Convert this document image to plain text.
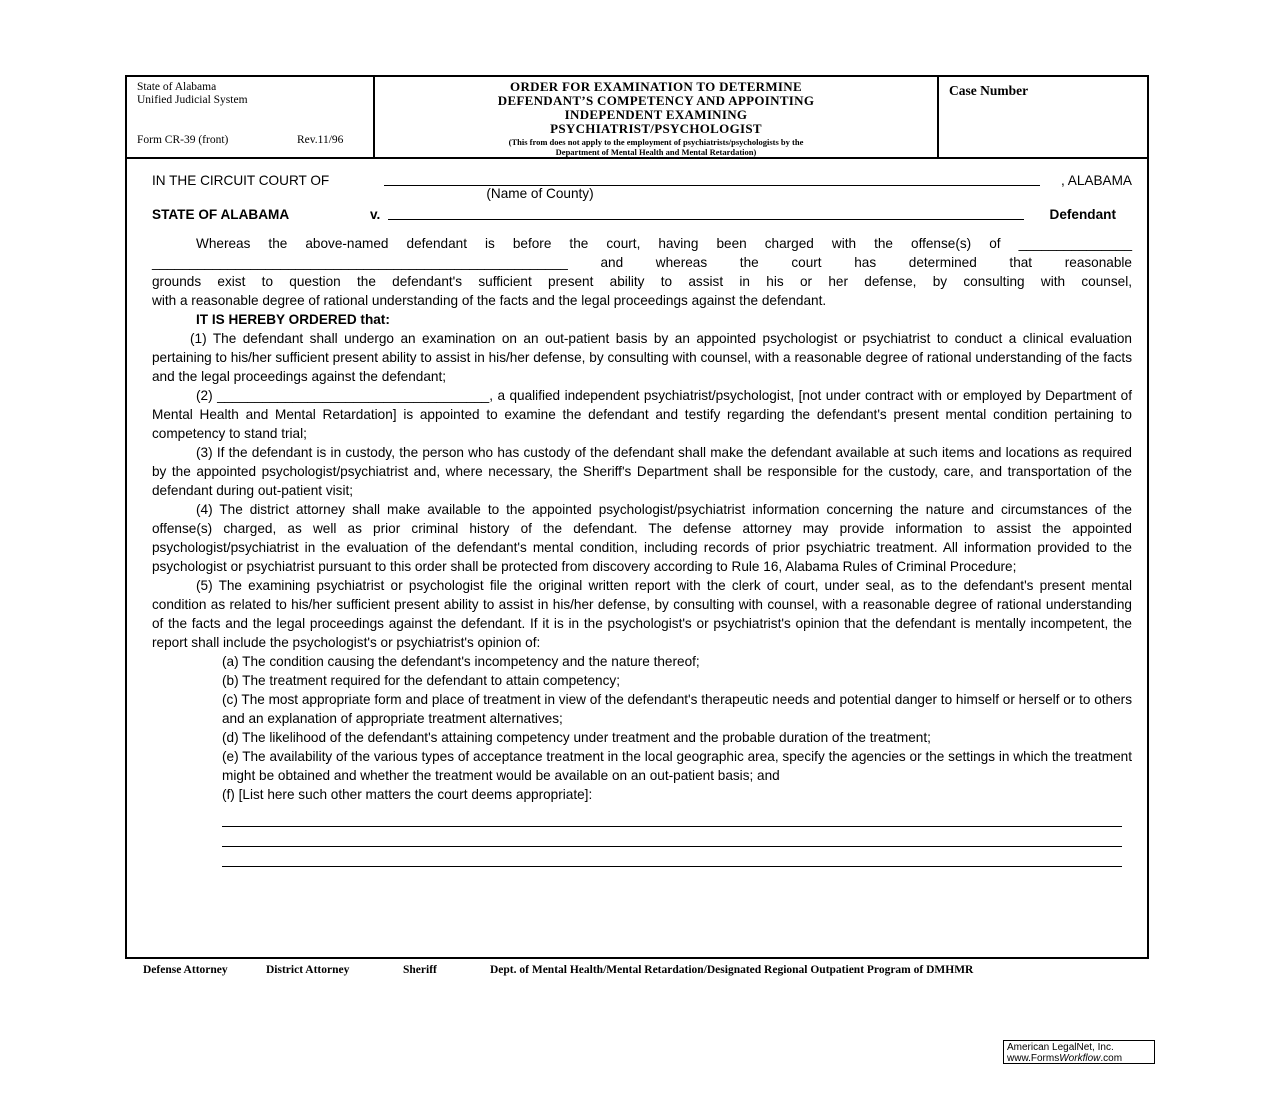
State of Alabama
Unified Judicial System
Form CR-39 (front)	Rev.11/96
ORDER FOR EXAMINATION TO DETERMINE
DEFENDANT’S COMPETENCY AND APPOINTING
INDEPENDENT EXAMINING
PSYCHIATRIST/PSYCHOLOGIST
(This from does not apply to the employment of psychiatrists/psychologists by the
Department of Mental Health and Mental Retardation)
Case Number
IN THE CIRCUIT COURT OF	, ALABAMA
(Name of County)
STATE OF ALABAMA	v.	Defendant
Whereas the above-named defendant is before the court, having been charged with the offense(s) of _______________
_______________________________________________________ and whereas the court has determined that reasonable
grounds exist to question the defendant's sufficient present ability to assist in his or her defense, by consulting with counsel,
with a reasonable degree of rational understanding of the facts and the legal proceedings against the defendant.
IT IS HEREBY ORDERED that:
(1) The defendant shall undergo an examination on an out-patient basis by an appointed psychologist or psychiatrist to conduct a clinical evaluation pertaining to his/her sufficient present ability to assist in his/her defense, by consulting with counsel, with a reasonable degree of rational understanding of the facts and the legal proceedings against the defendant;
(2) ____________________________________, a qualified independent psychiatrist/psychologist, [not under contract with or employed by Department of Mental Health and Mental Retardation] is appointed to examine the defendant and testify regarding the defendant's present mental condition pertaining to competency to stand trial;
(3) If the defendant is in custody, the person who has custody of the defendant shall make the defendant available at such items and locations as required by the appointed psychologist/psychiatrist and, where necessary, the Sheriff's Department shall be responsible for the custody, care, and transportation of the defendant during out-patient visit;
(4) The district attorney shall make available to the appointed psychologist/psychiatrist information concerning the nature and circumstances of the offense(s) charged, as well as prior criminal history of the defendant. The defense attorney may provide information to assist the appointed psychologist/psychiatrist in the evaluation of the defendant's mental condition, including records of prior psychiatric treatment. All information provided to the psychologist or psychiatrist pursuant to this order shall be protected from discovery according to Rule 16, Alabama Rules of Criminal Procedure;
(5) The examining psychiatrist or psychologist file the original written report with the clerk of court, under seal, as to the defendant's present mental condition as related to his/her sufficient present ability to assist in his/her defense, by consulting with counsel, with a reasonable degree of rational understanding of the facts and the legal proceedings against the defendant. If it is in the psychologist's or psychiatrist's opinion that the defendant is mentally incompetent, the report shall include the psychologist's or psychiatrist's opinion of:
(a) The condition causing the defendant's incompetency and the nature thereof;
(b) The treatment required for the defendant to attain competency;
(c) The most appropriate form and place of treatment in view of the defendant's therapeutic needs and potential danger to himself or herself or to others and an explanation of appropriate treatment alternatives;
(d) The likelihood of the defendant's attaining competency under treatment and the probable duration of the treatment;
(e) The availability of the various types of acceptance treatment in the local geographic area, specify the agencies or the settings in which the treatment might be obtained and whether the treatment would be available on an out-patient basis; and
(f) [List here such other matters the court deems appropriate]:
Defense Attorney	District Attorney	Sheriff	Dept. of Mental Health/Mental Retardation/Designated Regional Outpatient Program of DMHMR
American LegalNet, Inc.
www.FormsWorkflow.com
